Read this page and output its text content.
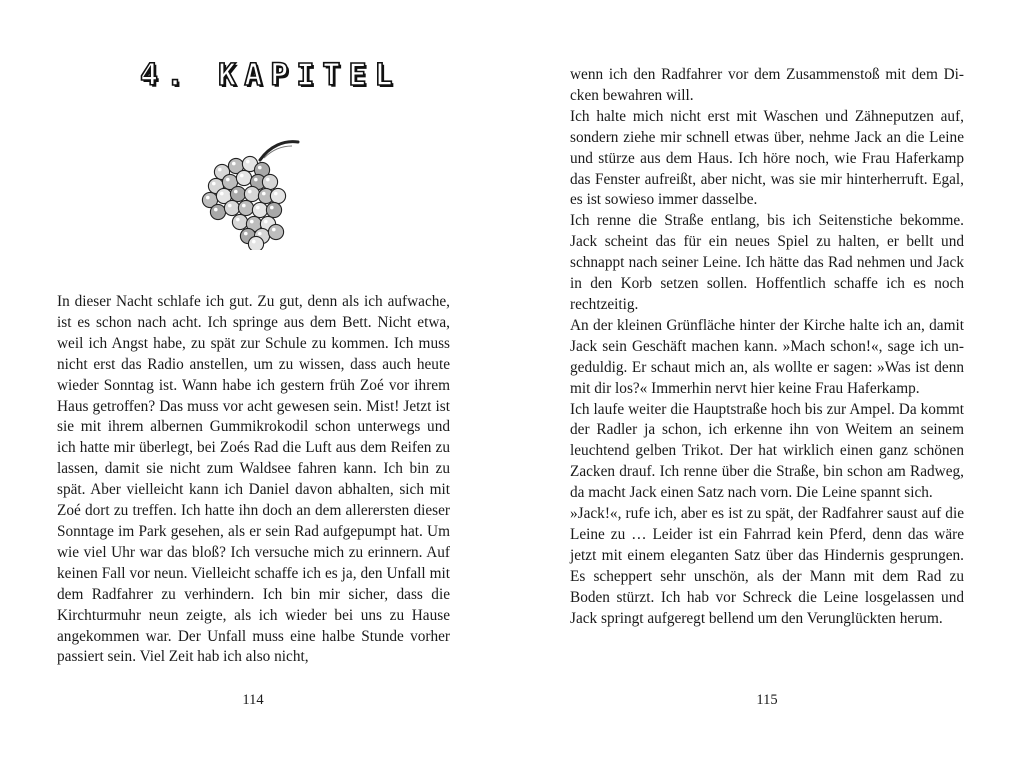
4. KAPITEL

In dieser Nacht schlafe ich gut. Zu gut, denn als ich aufwache, ist es schon nach acht. Ich springe aus dem Bett. Nicht etwa, weil ich Angst habe, zu spät zur Schule zu kommen. Ich muss nicht erst das Radio anstellen, um zu wissen, dass auch heute wieder Sonntag ist. Wann habe ich gestern früh Zoé vor ihrem Haus getroffen? Das muss vor acht gewesen sein. Mist! Jetzt ist sie mit ihrem albernen Gummikrokodil schon unterwegs und ich hatte mir überlegt, bei Zoés Rad die Luft aus dem Reifen zu lassen, damit sie nicht zum Waldsee fahren kann. Ich bin zu spät. Aber vielleicht kann ich Daniel davon abhalten, sich mit Zoé dort zu treffen. Ich hatte ihn doch an dem allerersten dieser Sonntage im Park gesehen, als er sein Rad aufgepumpt hat. Um wie viel Uhr war das bloß? Ich versuche mich zu erinnern. Auf keinen Fall vor neun. Vielleicht schaffe ich es ja, den Unfall mit dem Radfahrer zu verhindern. Ich bin mir sicher, dass die Kirchturmuhr neun zeigte, als ich wieder bei uns zu Hause angekommen war. Der Unfall muss eine halbe Stunde vorher passiert sein. Viel Zeit hab ich also nicht,

114

wenn ich den Radfahrer vor dem Zusammenstoß mit dem Dicken bewahren will.

Ich halte mich nicht erst mit Waschen und Zähneputzen auf, sondern ziehe mir schnell etwas über, nehme Jack an die Leine und stürze aus dem Haus. Ich höre noch, wie Frau Haferkamp das Fenster aufreißt, aber nicht, was sie mir hinterherruft. Egal, es ist sowieso immer dasselbe.

Ich renne die Straße entlang, bis ich Seitenstiche bekomme. Jack scheint das für ein neues Spiel zu halten, er bellt und schnappt nach seiner Leine. Ich hätte das Rad nehmen und Jack in den Korb setzen sollen. Hoffentlich schaffe ich es noch rechtzeitig.

An der kleinen Grünfläche hinter der Kirche halte ich an, damit Jack sein Geschäft machen kann. »Mach schon!«, sage ich ungeduldig. Er schaut mich an, als wollte er sagen: »Was ist denn mit dir los?« Immerhin nervt hier keine Frau Haferkamp.

Ich laufe weiter die Hauptstraße hoch bis zur Ampel. Da kommt der Radler ja schon, ich erkenne ihn von Weitem an seinem leuchtend gelben Trikot. Der hat wirklich einen ganz schönen Zacken drauf. Ich renne über die Straße, bin schon am Radweg, da macht Jack einen Satz nach vorn. Die Leine spannt sich.

»Jack!«, rufe ich, aber es ist zu spät, der Radfahrer saust auf die Leine zu … Leider ist ein Fahrrad kein Pferd, denn das wäre jetzt mit einem eleganten Satz über das Hindernis gesprungen. Es scheppert sehr unschön, als der Mann mit dem Rad zu Boden stürzt. Ich hab vor Schreck die Leine losgelassen und Jack springt aufgeregt bellend um den Verunglückten herum.

115
